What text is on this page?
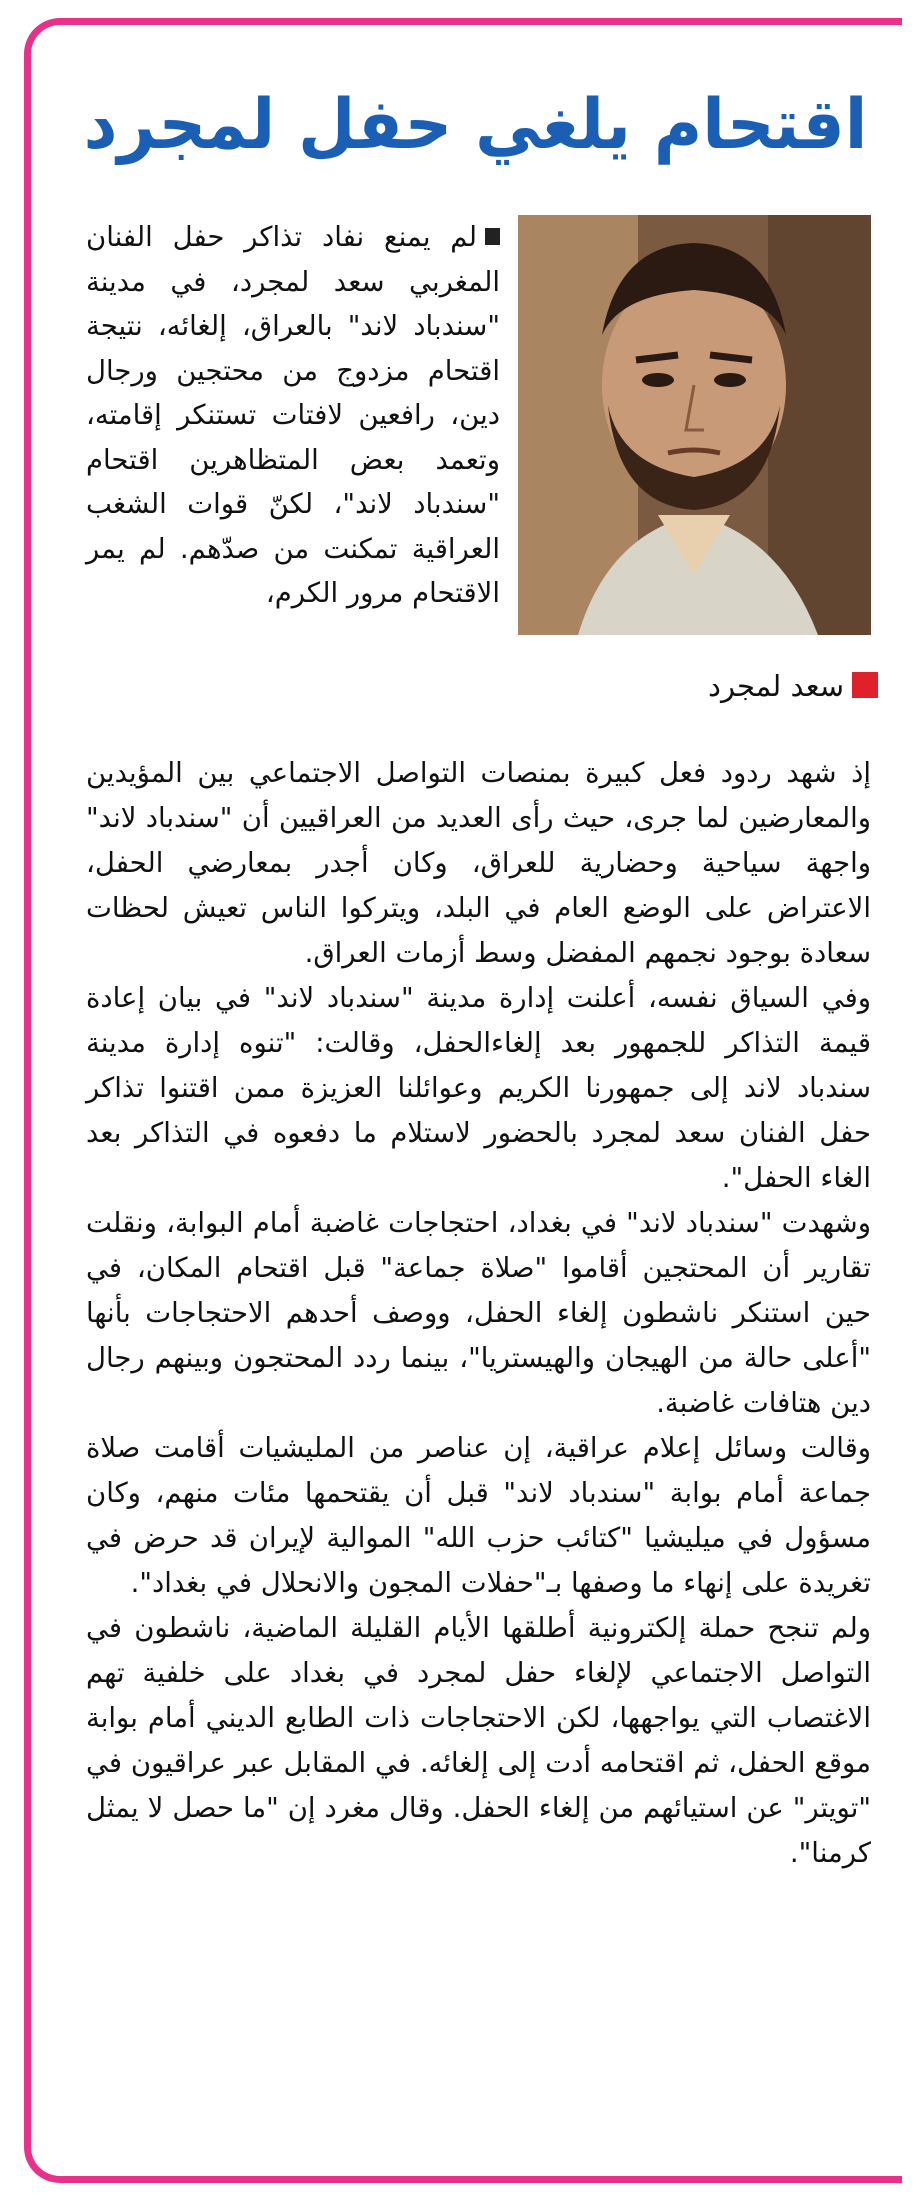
اقتحام يلغي حفل لمجرد
سعد لمجرد

لم يمنع نفاد تذاكر حفل الفنان المغربي سعد لمجرد، في مدينة "سندباد لاند" بالعراق، إلغائه، نتيجة اقتحام مزدوج من محتجين ورجال دين، رافعين لافتات تستنكر إقامته، وتعمد بعض المتظاهرين اقتحام "سندباد لاند"، لكنّ قوات الشغب العراقية تمكنت من صدّهم. لم يمر الاقتحام مرور الكرم،

إذ شهد ردود فعل كبيرة بمنصات التواصل الاجتماعي بين المؤيدين والمعارضين لما جرى، حيث رأى العديد من العراقيين أن "سندباد لاند" واجهة سياحية وحضارية للعراق، وكان أجدر بمعارضي الحفل، الاعتراض على الوضع العام في البلد، ويتركوا الناس تعيش لحظات سعادة بوجود نجمهم المفضل وسط أزمات العراق.

وفي السياق نفسه، أعلنت إدارة مدينة "سندباد لاند" في بيان إعادة قيمة التذاكر للجمهور بعد إلغاءالحفل، وقالت: "تنوه إدارة مدينة سندباد لاند إلى جمهورنا الكريم وعوائلنا العزيزة ممن اقتنوا تذاكر حفل الفنان سعد لمجرد بالحضور لاستلام ما دفعوه في التذاكر بعد الغاء الحفل".

وشهدت "سندباد لاند" في بغداد، احتجاجات غاضبة أمام البوابة، ونقلت تقارير أن المحتجين أقاموا "صلاة جماعة" قبل اقتحام المكان، في حين استنكر ناشطون إلغاء الحفل، ووصف أحدهم الاحتجاجات بأنها "أعلى حالة من الهيجان والهيستريا"، بينما ردد المحتجون وبينهم رجال دين هتافات غاضبة.

وقالت وسائل إعلام عراقية، إن عناصر من المليشيات أقامت صلاة جماعة أمام بوابة "سندباد لاند" قبل أن يقتحمها مئات منهم، وكان مسؤول في ميليشيا "كتائب حزب الله" الموالية لإيران قد حرض في تغريدة على إنهاء ما وصفها بـ"حفلات المجون والانحلال في بغداد".

ولم تنجح حملة إلكترونية أطلقها الأيام القليلة الماضية، ناشطون في التواصل الاجتماعي لإلغاء حفل لمجرد في بغداد على خلفية تهم الاغتصاب التي يواجهها، لكن الاحتجاجات ذات الطابع الديني أمام بوابة موقع الحفل، ثم اقتحامه أدت إلى إلغائه. في المقابل عبر عراقيون في "تويتر" عن استيائهم من إلغاء الحفل. وقال مغرد إن "ما حصل لا يمثل كرمنا".
